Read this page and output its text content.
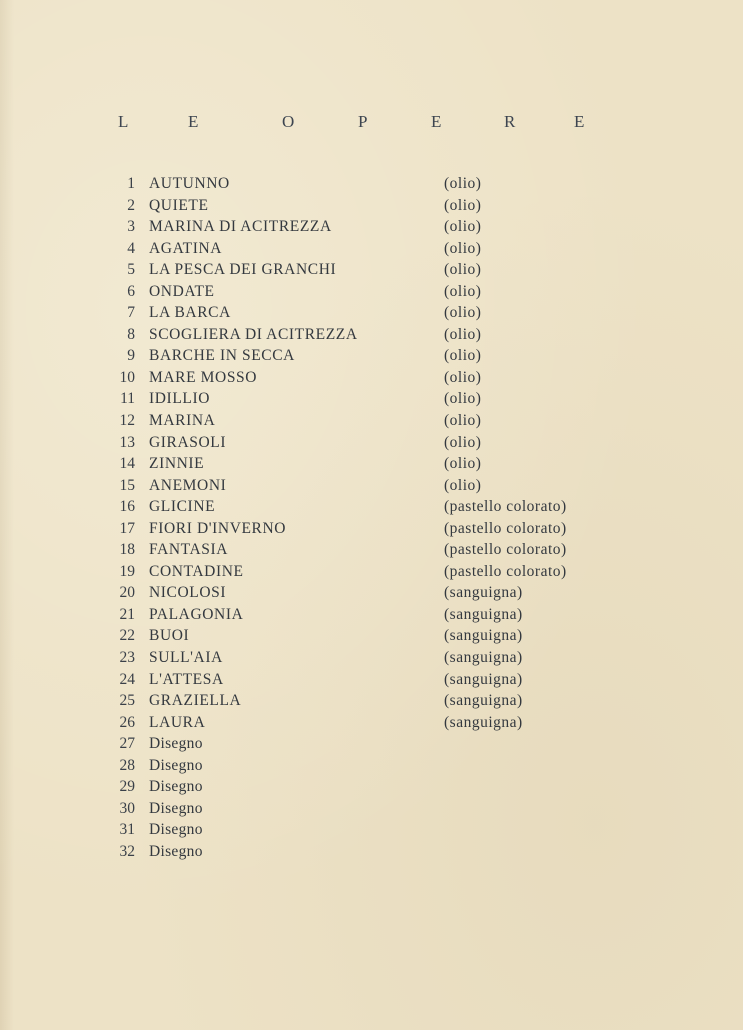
L	E	O	P	E	R	E
1 AUTUNNO	(olio)
2 QUIETE	(olio)
3 MARINA DI ACITREZZA	(olio)
4 AGATINA	(olio)
5 LA PESCA DEI GRANCHI	(olio)
6 ONDATE	(olio)
7 LA BARCA	(olio)
8 SCOGLIERA DI ACITREZZA	(olio)
9 BARCHE IN SECCA	(olio)
10 MARE MOSSO	(olio)
11 IDILLIO	(olio)
12 MARINA	(olio)
13 GIRASOLI	(olio)
14 ZINNIE	(olio)
15 ANEMONI	(olio)
16 GLICINE	(pastello colorato)
17 FIORI D'INVERNO	(pastello colorato)
18 FANTASIA	(pastello colorato)
19 CONTADINE	(pastello colorato)
20 NICOLOSI	(sanguigna)
21 PALAGONIA	(sanguigna)
22 BUOI	(sanguigna)
23 SULL'AIA	(sanguigna)
24 L'ATTESA	(sanguigna)
25 GRAZIELLA	(sanguigna)
26 LAURA	(sanguigna)
27 Disegno
28 Disegno
29 Disegno
30 Disegno
31 Disegno
32 Disegno
